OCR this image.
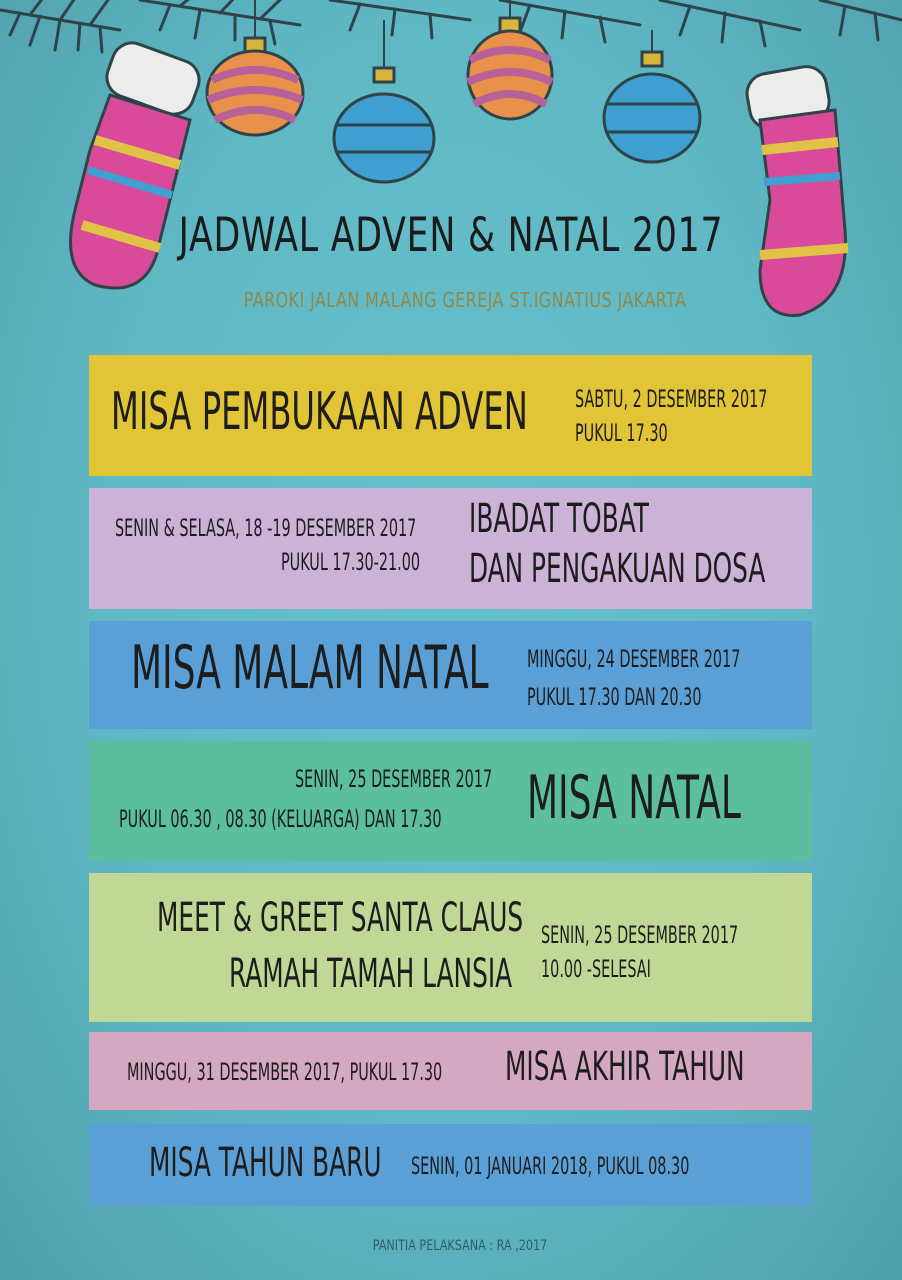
JADWAL ADVEN & NATAL 2017
PAROKI JALAN MALANG GEREJA ST.IGNATIUS JAKARTA
MISA PEMBUKAAN ADVEN SABTU, 2 DESEMBER 2017
PUKUL 17.30
SENIN & SELASA, 18 -19 DESEMBER 2017
PUKUL 17.30-21.00
IBADAT TOBAT
DAN PENGAKUAN DOSA
MISA MALAM NATAL MINGGU, 24 DESEMBER 2017
PUKUL 17.30 DAN 20.30
SENIN, 25 DESEMBER 2017
PUKUL 06.30 , 08.30 (KELUARGA) DAN 17.30 MISA NATAL
MEET & GREET SANTA CLAUS
RAMAH TAMAH LANSIA
SENIN, 25 DESEMBER 2017
10.00 -SELESAI
MINGGU, 31 DESEMBER 2017, PUKUL 17.30 MISA AKHIR TAHUN
MISA TAHUN BARU SENIN, 01 JANUARI 2018, PUKUL 08.30
PANITIA PELAKSANA : RA ,2017
